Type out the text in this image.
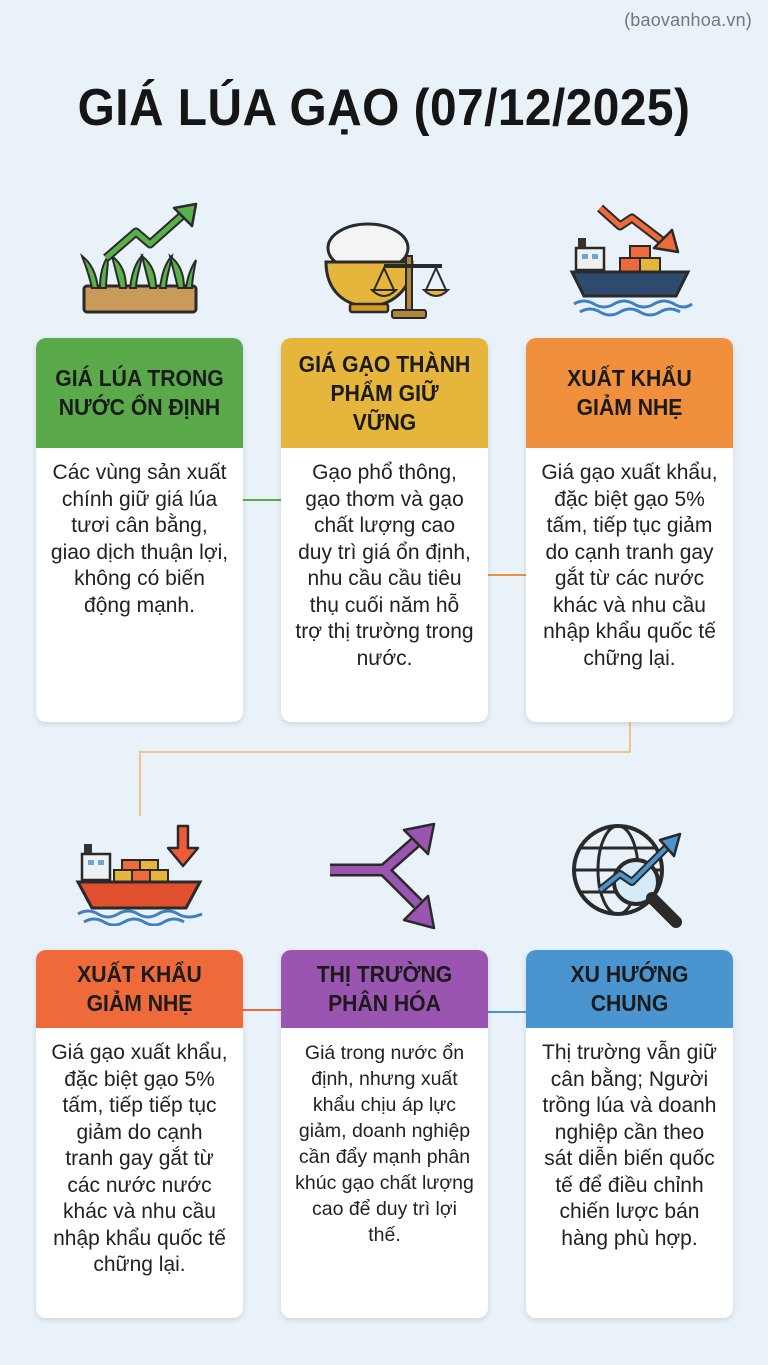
(baovanhoa.vn)
GIÁ LÚA GẠO (07/12/2025)
GIÁ LÚA TRONG NƯỚC ỔN ĐỊNH
Các vùng sản xuất chính giữ giá lúa tươi cân bằng, giao dịch thuận lợi, không có biến động mạnh.
GIÁ GẠO THÀNH PHẨM GIỮ VỮNG
Gạo phổ thông, gạo thơm và gạo chất lượng cao duy trì giá ổn định, nhu cầu cầu tiêu thụ cuối năm hỗ trợ thị trường trong nước.
XUẤT KHẨU GIẢM NHẸ
Giá gạo xuất khẩu, đặc biệt gạo 5% tấm, tiếp tục giảm do cạnh tranh gay gắt từ các nước khác và nhu cầu nhập khẩu quốc tế chững lại.
XUẤT KHẨU GIẢM NHẸ
Giá gạo xuất khẩu, đặc biệt gạo 5% tấm, tiếp tiếp tục giảm do cạnh tranh gay gắt từ các nước nước khác và nhu cầu nhập khẩu quốc tế chững lại.
THỊ TRƯỜNG PHÂN HÓA
Giá trong nước ổn định, nhưng xuất khẩu chịu áp lực giảm, doanh nghiệp cần đẩy mạnh phân khúc gạo chất lượng cao để duy trì lợi thế.
XU HƯỚNG CHUNG
Thị trường vẫn giữ cân bằng; Người trồng lúa và doanh nghiệp cần theo sát diễn biến quốc tế để điều chỉnh chiến lược bán hàng phù hợp.
